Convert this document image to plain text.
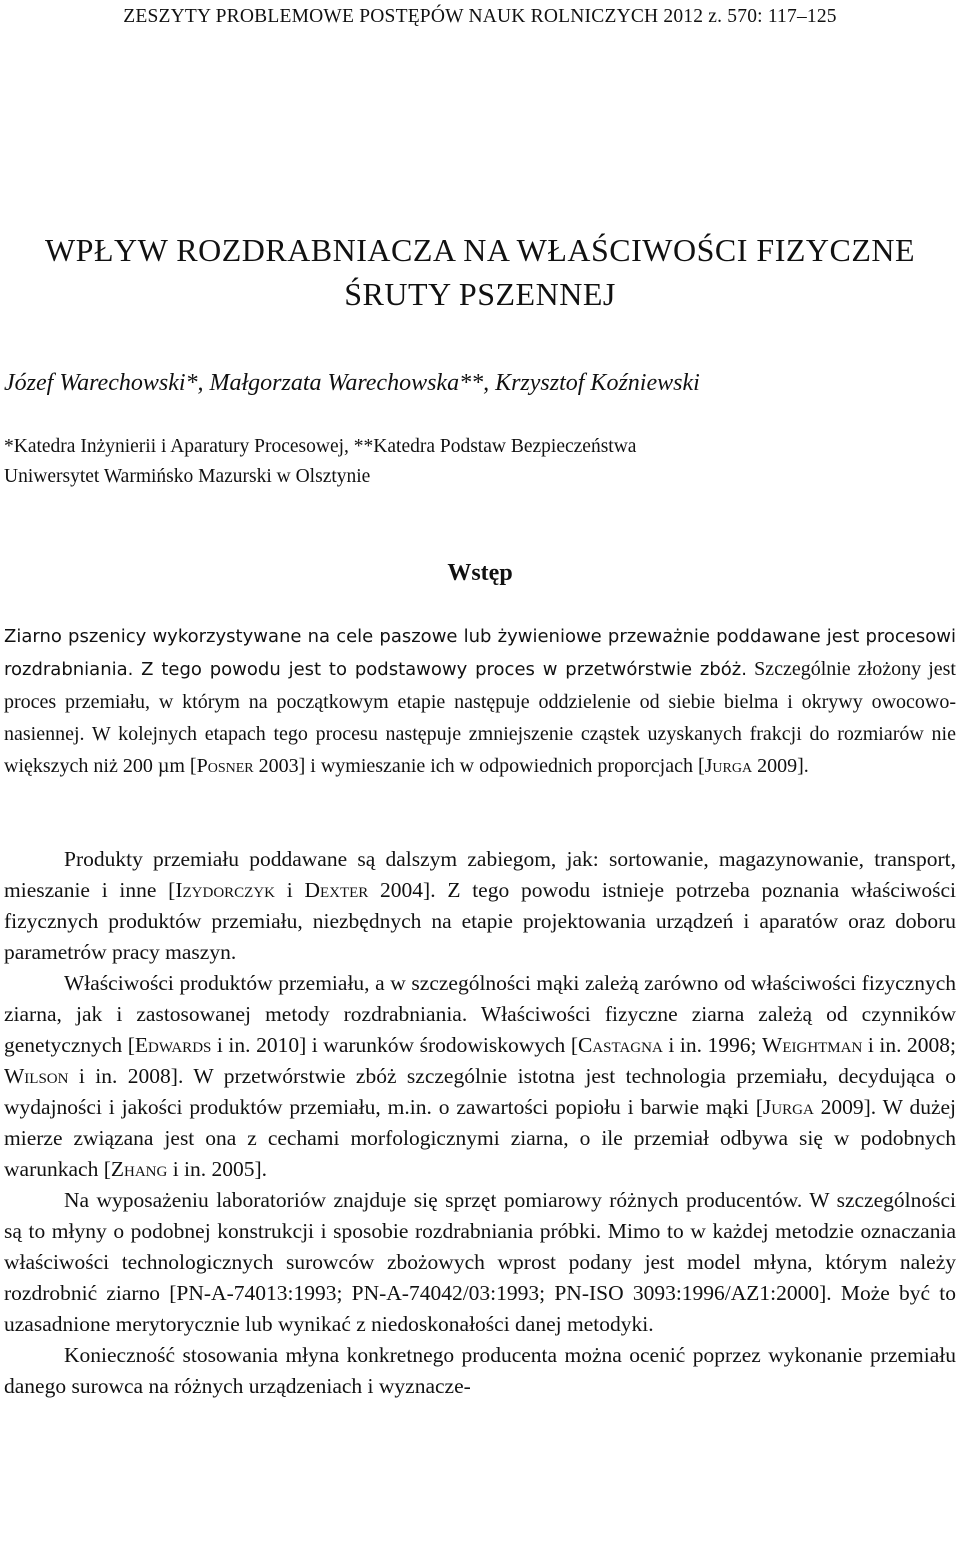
ZESZYTY PROBLEMOWE POSTĘPÓW NAUK ROLNICZYCH 2012 z. 570: 117–125
WPŁYW ROZDRABNIACZA NA WŁAŚCIWOŚCI FIZYCZNE
ŚRUTY PSZENNEJ
Józef Warechowski*, Małgorzata Warechowska**, Krzysztof Koźniewski
*Katedra Inżynierii i Aparatury Procesowej, **Katedra Podstaw Bezpieczeństwa
Uniwersytet Warmińsko Mazurski w Olsztynie
Wstęp

Ziarno pszenicy wykorzystywane na cele paszowe lub żywieniowe przeważnie poddawane jest procesowi rozdrabniania. Z tego powodu jest to podstawowy proces w przetwórstwie zbóż. Szczególnie złożony jest proces przemiału, w którym na początkowym etapie następuje oddzielenie od siebie bielma i okrywy owocowo-nasiennej. W kolejnych etapach tego procesu następuje zmniejszenie cząstek uzyskanych frakcji do rozmiarów nie większych niż 200 µm [Posner 2003] i wymieszanie ich w odpowiednich proporcjach [Jurga 2009].

Produkty przemiału poddawane są dalszym zabiegom, jak: sortowanie, magazynowanie, transport, mieszanie i inne [Izydorczyk i Dexter 2004]. Z tego powodu istnieje potrzeba poznania właściwości fizycznych produktów przemiału, niezbędnych na etapie projektowania urządzeń i aparatów oraz doboru parametrów pracy maszyn.

Właściwości produktów przemiału, a w szczególności mąki zależą zarówno od właściwości fizycznych ziarna, jak i zastosowanej metody rozdrabniania. Właściwości fizyczne ziarna zależą od czynników genetycznych [Edwards i in. 2010] i warunków środowiskowych [Castagna i in. 1996; Weightman i in. 2008; Wilson i in. 2008]. W przetwórstwie zbóż szczególnie istotna jest technologia przemiału, decydująca o wydajności i jakości produktów przemiału, m.in. o zawartości popiołu i barwie mąki [Jurga 2009]. W dużej mierze związana jest ona z cechami morfologicznymi ziarna, o ile przemiał odbywa się w podobnych warunkach [Zhang i in. 2005].

Na wyposażeniu laboratoriów znajduje się sprzęt pomiarowy różnych producentów. W szczególności są to młyny o podobnej konstrukcji i sposobie rozdrabniania próbki. Mimo to w każdej metodzie oznaczania właściwości technologicznych surowców zbożowych wprost podany jest model młyna, którym należy rozdrobnić ziarno [PN-A-74013:1993; PN-A-74042/03:1993; PN-ISO 3093:1996/AZ1:2000]. Może być to uzasadnione merytorycznie lub wynikać z niedoskonałości danej metodyki.

Konieczność stosowania młyna konkretnego producenta można ocenić poprzez wykonanie przemiału danego surowca na różnych urządzeniach i wyznacze-
